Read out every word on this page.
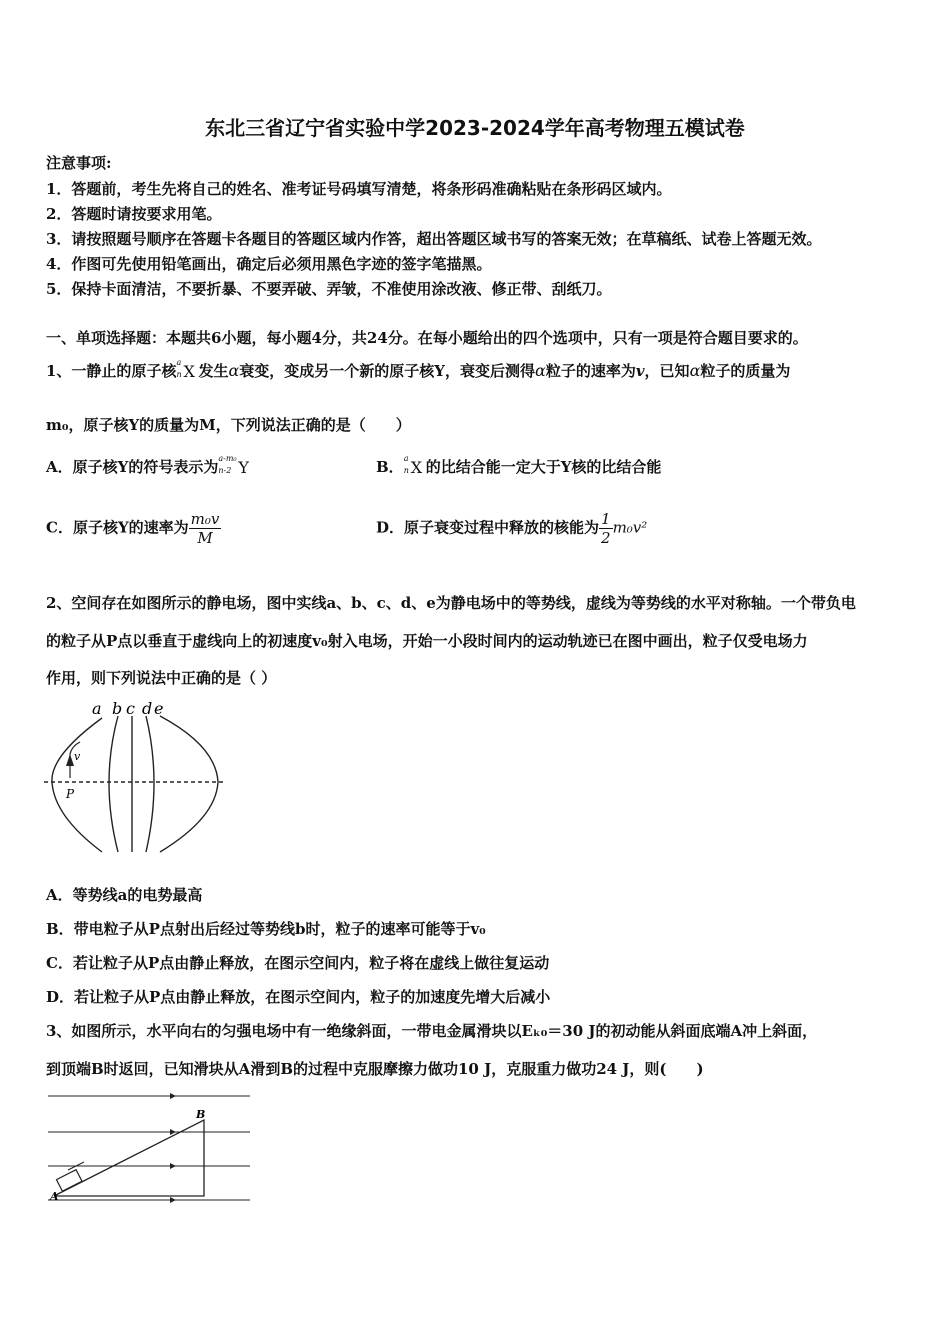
东北三省辽宁省实验中学2023-2024学年高考物理五模试卷
注意事项:
1．答题前，考生先将自己的姓名、准考证号码填写清楚，将条形码准确粘贴在条形码区域内。
2．答题时请按要求用笔。
3．请按照题号顺序在答题卡各题目的答题区域内作答，超出答题区域书写的答案无效；在草稿纸、试卷上答题无效。
4．作图可先使用铅笔画出，确定后必须用黑色字迹的签字笔描黑。
5．保持卡面清洁，不要折暴、不要弄破、弄皱，不准使用涂改液、修正带、刮纸刀。
一、单项选择题：本题共6小题，每小题4分，共24分。在每小题给出的四个选项中，只有一项是符合题目要求的。
1、一静止的原子核 a
n X 发生α衰变，变成另一个新的原子核Y，衰变后测得α粒子的速率为v，已知α粒子的质量为
m₀，原子核Y的质量为M，下列说法正确的是（　　）
A．原子核Y的符号表示为 a-m₀
n-2 Y	B． a
n X 的比结合能一定大于Y核的比结合能
C．原子核Y的速率为 $\frac{\text{m₀v}}{M}$	D．原子衰变过程中释放的核能为 $\frac{1}{2} m_0v^2$
2、空间存在如图所示的静电场，图中实线a、b、c、d、e为静电场中的等势线，虚线为等势线的水平对称轴。一个带负电
的粒子从P点以垂直于虚线向上的初速度v₀射入电场，开始一小段时间内的运动轨迹已在图中画出，粒子仅受电场力
作用，则下列说法中正确的是（ ）
a b c d e
v
P
A．等势线a的电势最高
B．带电粒子从P点射出后经过等势线b时，粒子的速率可能等于v₀
C．若让粒子从P点由静止释放，在图示空间内，粒子将在虚线上做往复运动
D．若让粒子从P点由静止释放，在图示空间内，粒子的加速度先增大后减小
3、如图所示，水平向右的匀强电场中有一绝缘斜面，一带电金属滑块以Eₖ₀＝30 J的初动能从斜面底端A冲上斜面，
到顶端B时返回，已知滑块从A滑到B的过程中克服摩擦力做功10 J，克服重力做功24 J，则(　　)
A
B
